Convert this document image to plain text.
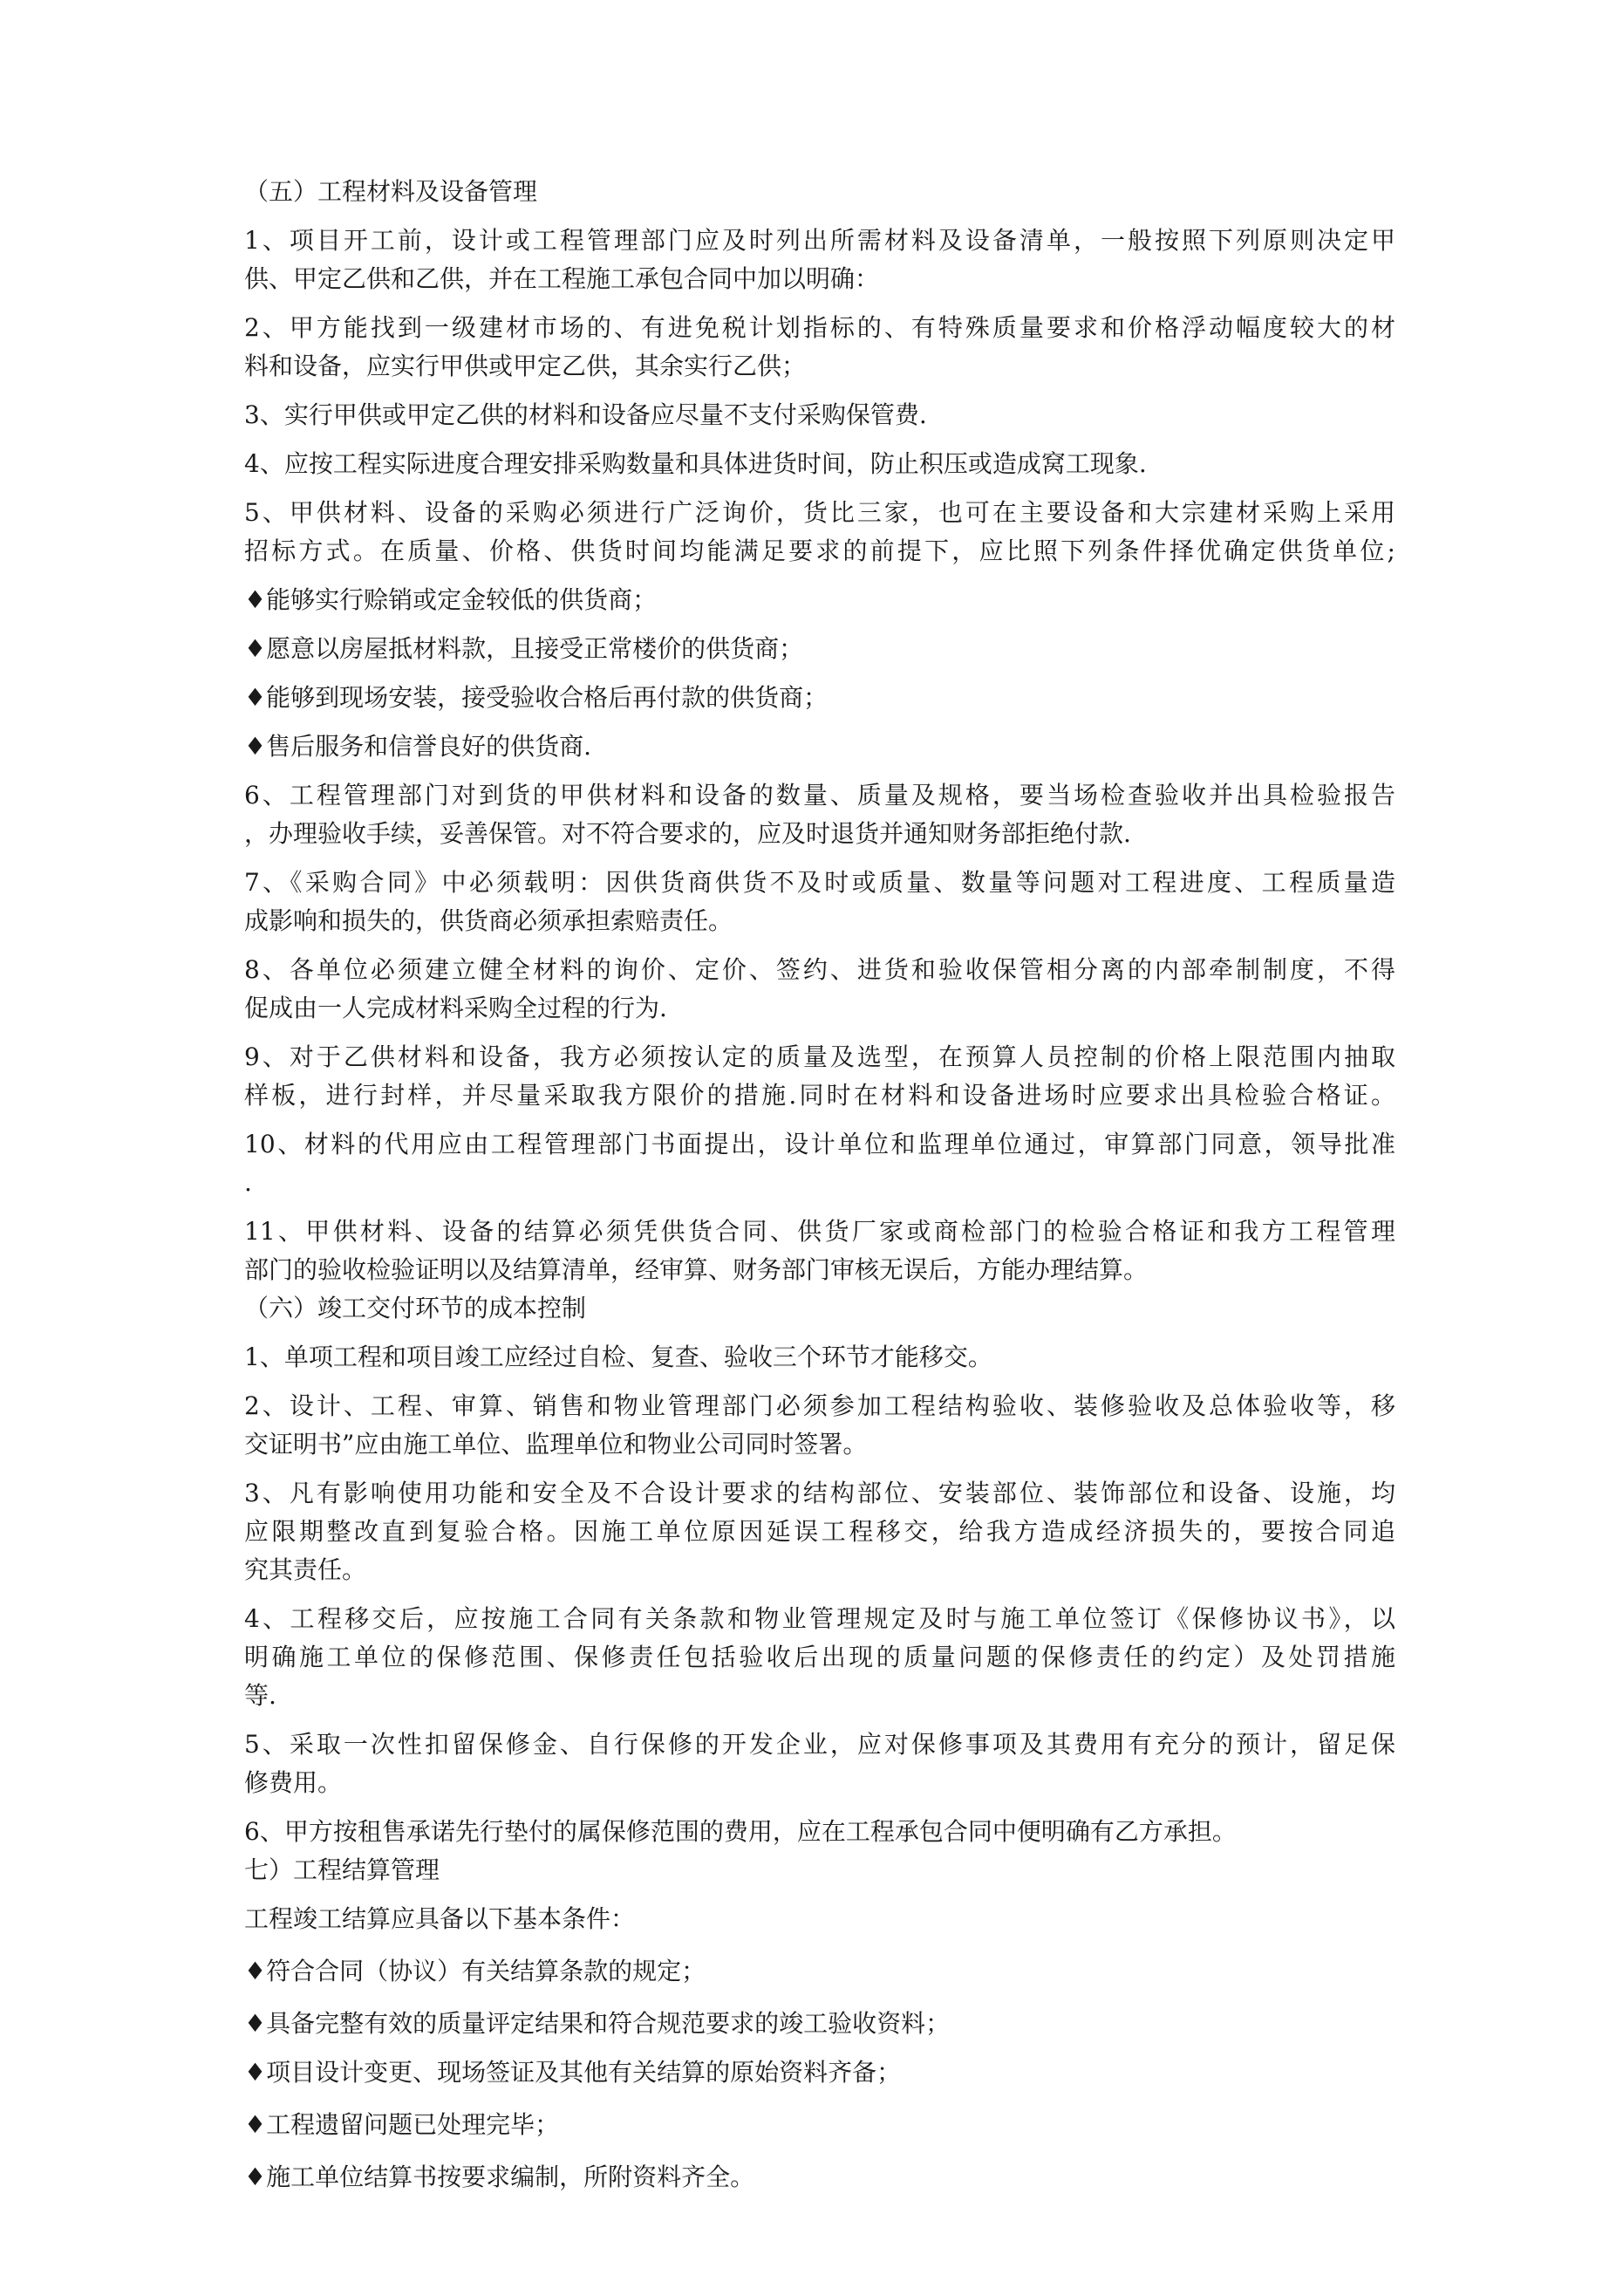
（五）工程材料及设备管理
1、项目开工前，设计或工程管理部门应及时列出所需材料及设备清单，一般按照下列原则决定甲
供、甲定乙供和乙供，并在工程施工承包合同中加以明确：
2、甲方能找到一级建材市场的、有进免税计划指标的、有特殊质量要求和价格浮动幅度较大的材
料和设备，应实行甲供或甲定乙供，其余实行乙供；
3、实行甲供或甲定乙供的材料和设备应尽量不支付采购保管费.
4、应按工程实际进度合理安排采购数量和具体进货时间，防止积压或造成窝工现象.
5、甲供材料、设备的采购必须进行广泛询价，货比三家，也可在主要设备和大宗建材采购上采用
招标方式。在质量、价格、供货时间均能满足要求的前提下，应比照下列条件择优确定供货单位;
♦能够实行赊销或定金较低的供货商；
♦愿意以房屋抵材料款，且接受正常楼价的供货商；
♦能够到现场安装，接受验收合格后再付款的供货商；
♦售后服务和信誉良好的供货商.
6、工程管理部门对到货的甲供材料和设备的数量、质量及规格，要当场检查验收并出具检验报告
，办理验收手续，妥善保管。对不符合要求的，应及时退货并通知财务部拒绝付款.
7、《采购合同》中必须载明：因供货商供货不及时或质量、数量等问题对工程进度、工程质量造
成影响和损失的，供货商必须承担索赔责任。
8、各单位必须建立健全材料的询价、定价、签约、进货和验收保管相分离的内部牵制制度，不得
促成由一人完成材料采购全过程的行为.
9、对于乙供材料和设备，我方必须按认定的质量及选型，在预算人员控制的价格上限范围内抽取
样板，进行封样，并尽量采取我方限价的措施.同时在材料和设备进场时应要求出具检验合格证。
10、材料的代用应由工程管理部门书面提出，设计单位和监理单位通过，审算部门同意，领导批准
.
11、甲供材料、设备的结算必须凭供货合同、供货厂家或商检部门的检验合格证和我方工程管理
部门的验收检验证明以及结算清单，经审算、财务部门审核无误后，方能办理结算。
（六）竣工交付环节的成本控制
1、单项工程和项目竣工应经过自检、复查、验收三个环节才能移交。
2、设计、工程、审算、销售和物业管理部门必须参加工程结构验收、装修验收及总体验收等，移
交证明书”应由施工单位、监理单位和物业公司同时签署。
3、凡有影响使用功能和安全及不合设计要求的结构部位、安装部位、装饰部位和设备、设施，均
应限期整改直到复验合格。因施工单位原因延误工程移交，给我方造成经济损失的，要按合同追
究其责任。
4、工程移交后，应按施工合同有关条款和物业管理规定及时与施工单位签订《保修协议书》，以
明确施工单位的保修范围、保修责任包括验收后出现的质量问题的保修责任的约定）及处罚措施
等.
5、采取一次性扣留保修金、自行保修的开发企业，应对保修事项及其费用有充分的预计，留足保
修费用。
6、甲方按租售承诺先行垫付的属保修范围的费用，应在工程承包合同中便明确有乙方承担。
七）工程结算管理
工程竣工结算应具备以下基本条件：
♦符合合同（协议）有关结算条款的规定；
♦具备完整有效的质量评定结果和符合规范要求的竣工验收资料；
♦项目设计变更、现场签证及其他有关结算的原始资料齐备；
♦工程遗留问题已处理完毕；
♦施工单位结算书按要求编制，所附资料齐全。
